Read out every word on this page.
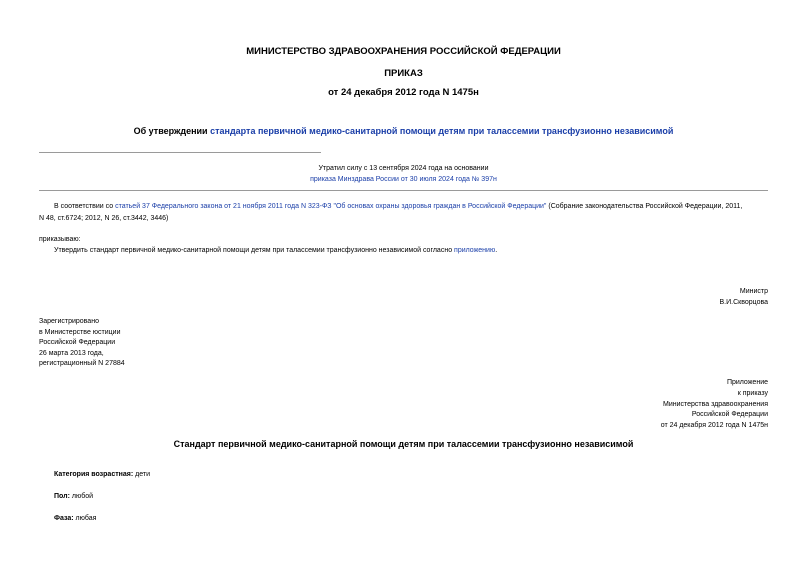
МИНИСТЕРСТВО ЗДРАВООХРАНЕНИЯ РОССИЙСКОЙ ФЕДЕРАЦИИ
ПРИКАЗ
от 24 декабря 2012 года N 1475н
Об утверждении стандарта первичной медико-санитарной помощи детям при талассемии трансфузионно независимой
Утратил силу с 13 сентября 2024 года на основании
приказа Минздрава России от 30 июля 2024 года № 397н
В соответствии со статьей 37 Федерального закона от 21 ноября 2011 года N 323-ФЗ "Об основах охраны здоровья граждан в Российской Федерации" (Собрание законодательства Российской Федерации, 2011,
N 48, ст.6724; 2012, N 26, ст.3442, 3446)
приказываю:
Утвердить стандарт первичной медико-санитарной помощи детям при талассемии трансфузионно независимой согласно приложению.
Министр
В.И.Скворцова
Зарегистрировано
в Министерстве юстиции
Российской Федерации
26 марта 2013 года,
регистрационный N 27884
Приложение
к приказу
Министерства здравоохранения
Российской Федерации
от 24 декабря 2012 года N 1475н
Стандарт первичной медико-санитарной помощи детям при талассемии трансфузионно независимой
Категория возрастная: дети
Пол: любой
Фаза: любая
